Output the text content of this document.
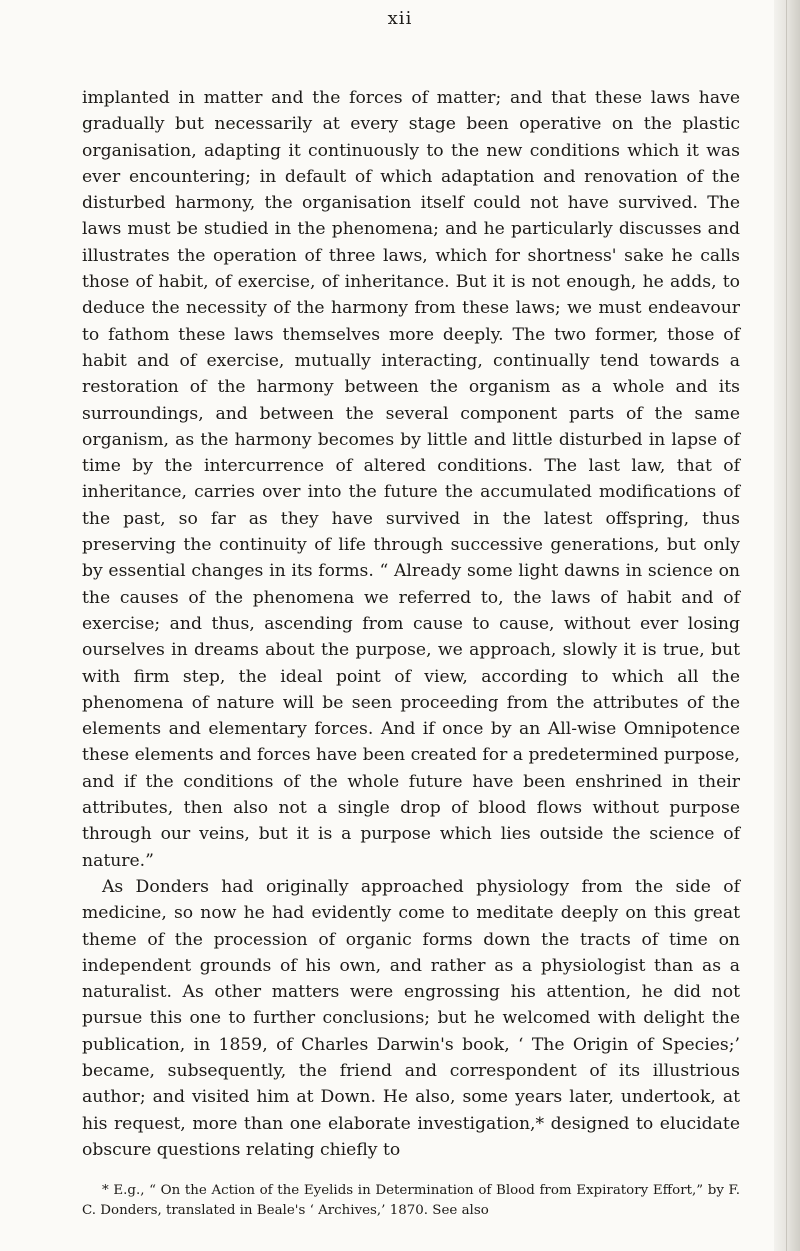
xii

implanted in matter and the forces of matter; and that these laws have gradually but necessarily at every stage been operative on the plastic organisation, adapting it continuously to the new conditions which it was ever encountering; in default of which adaptation and renovation of the disturbed harmony, the organisation itself could not have survived. The laws must be studied in the phenomena; and he particularly discusses and illustrates the operation of three laws, which for shortness' sake he calls those of habit, of exercise, of inheritance. But it is not enough, he adds, to deduce the necessity of the harmony from these laws; we must endeavour to fathom these laws themselves more deeply. The two former, those of habit and of exercise, mutually interacting, continually tend towards a restoration of the harmony between the organism as a whole and its surroundings, and between the several component parts of the same organism, as the harmony becomes by little and little disturbed in lapse of time by the intercurrence of altered conditions. The last law, that of inheritance, carries over into the future the accumulated modifications of the past, so far as they have survived in the latest offspring, thus preserving the continuity of life through successive generations, but only by essential changes in its forms. “ Already some light dawns in science on the causes of the phenomena we referred to, the laws of habit and of exercise; and thus, ascending from cause to cause, without ever losing ourselves in dreams about the purpose, we approach, slowly it is true, but with firm step, the ideal point of view, according to which all the phenomena of nature will be seen proceeding from the attributes of the elements and elementary forces. And if once by an All-wise Omnipotence these elements and forces have been created for a predetermined purpose, and if the conditions of the whole future have been enshrined in their attributes, then also not a single drop of blood flows without purpose through our veins, but it is a purpose which lies outside the science of nature.”

As Donders had originally approached physiology from the side of medicine, so now he had evidently come to meditate deeply on this great theme of the procession of organic forms down the tracts of time on independent grounds of his own, and rather as a physiologist than as a naturalist. As other matters were engrossing his attention, he did not pursue this one to further conclusions; but he welcomed with delight the publication, in 1859, of Charles Darwin's book, ‘ The Origin of Species;’ became, subsequently, the friend and correspondent of its illustrious author; and visited him at Down. He also, some years later, undertook, at his request, more than one elaborate investigation,* designed to elucidate obscure questions relating chiefly to

* E.g., “ On the Action of the Eyelids in Determination of Blood from Expiratory Effort,” by F. C. Donders, translated in Beale's ‘ Archives,’ 1870. See also
